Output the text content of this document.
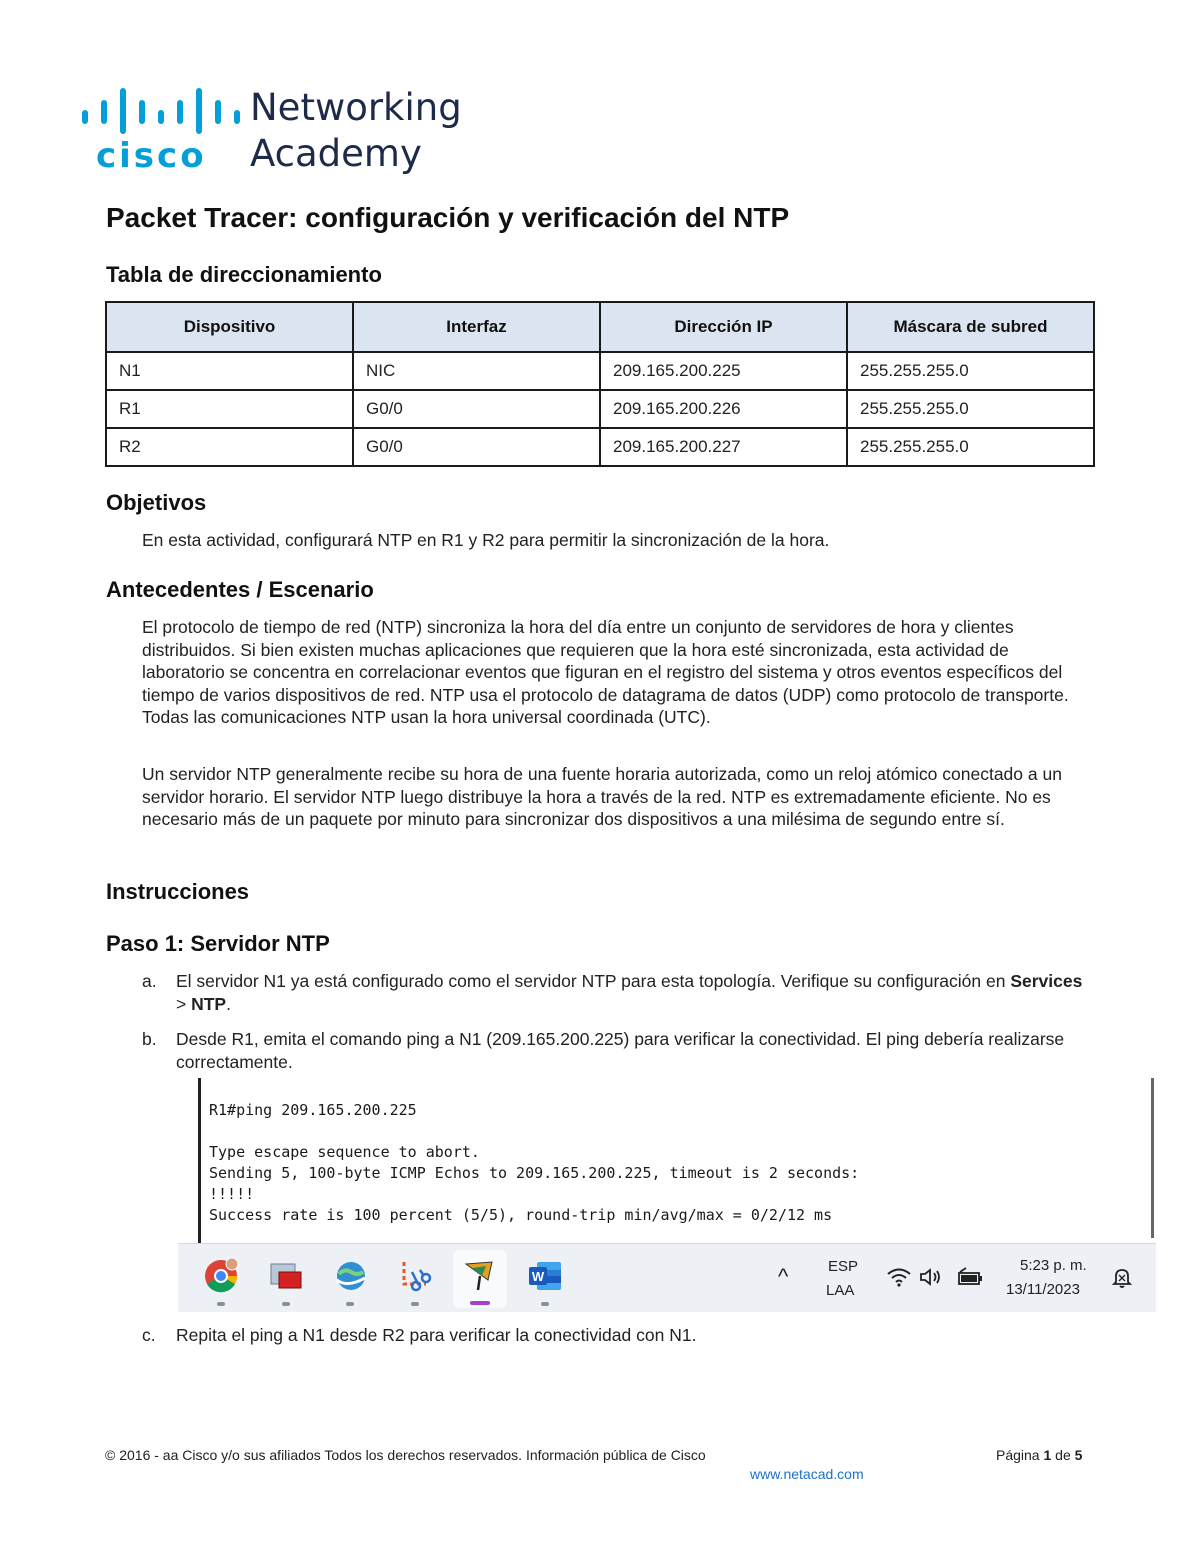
cisco
Networking
Academy
Packet Tracer: configuración y verificación del NTP
Tabla de direccionamiento
Dispositivo	Interfaz	Dirección IP	Máscara de subred
N1	NIC	209.165.200.225	255.255.255.0
R1	G0/0	209.165.200.226	255.255.255.0
R2	G0/0	209.165.200.227	255.255.255.0
Objetivos

En esta actividad, configurará NTP en R1 y R2 para permitir la sincronización de la hora.

Antecedentes / Escenario

El protocolo de tiempo de red (NTP) sincroniza la hora del día entre un conjunto de servidores de hora y clientes distribuidos. Si bien existen muchas aplicaciones que requieren que la hora esté sincronizada, esta actividad de laboratorio se concentra en correlacionar eventos que figuran en el registro del sistema y otros eventos específicos del tiempo de varios dispositivos de red. NTP usa el protocolo de datagrama de datos (UDP) como protocolo de transporte. Todas las comunicaciones NTP usan la hora universal coordinada (UTC).

Un servidor NTP generalmente recibe su hora de una fuente horaria autorizada, como un reloj atómico conectado a un servidor horario. El servidor NTP luego distribuye la hora a través de la red. NTP es extremadamente eficiente. No es necesario más de un paquete por minuto para sincronizar dos dispositivos a una milésima de segundo entre sí.

Instrucciones
Paso 1: Servidor NTP
a. El servidor N1 ya está configurado como el servidor NTP para esta topología. Verifique su configuración en Services > NTP.
b. Desde R1, emita el comando ping a N1 (209.165.200.225) para verificar la conectividad. El ping debería realizarse correctamente.
R1#ping 209.165.200.225

Type escape sequence to abort.
Sending 5, 100-byte ICMP Echos to 209.165.200.225, timeout is 2 seconds:
!!!!!
Success rate is 100 percent (5/5), round-trip min/avg/max = 0/2/12 ms
W	^	ESP
LAA
5:23 p. m.
13/11/2023
c. Repita el ping a N1 desde R2 para verificar la conectividad con N1.
© 2016 - aa Cisco y/o sus afiliados Todos los derechos reservados. Información pública de Cisco	Página 1 de 5
www.netacad.com
